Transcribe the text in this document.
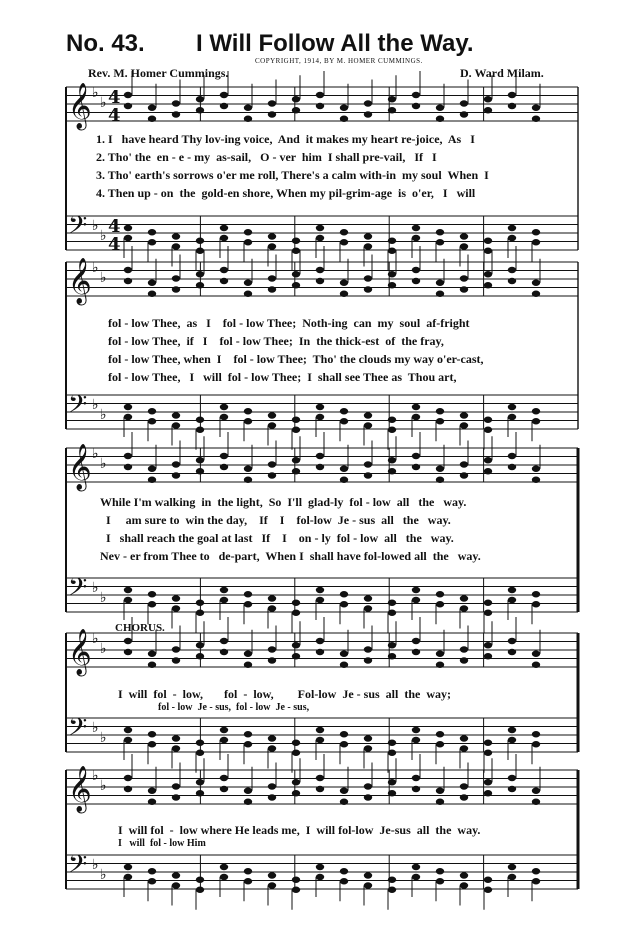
No. 43. I Will Follow All the Way.
COPYRIGHT, 1914, BY M. HOMER CUMMINGS.
Rev. M. Homer Cummings.	D. Ward Milam.
𝄞 ♭
♭
𝄢 ♭
♭
𝄞 ♭
♭
𝄢 ♭
♭
𝄞 ♭
♭
𝄢 ♭
♭
𝄞 ♭
♭
𝄢 ♭
♭
𝄞 ♭
♭
𝄢 ♭
♭
4
4
4
4
1. I   have heard Thy lov-ing voice,  And  it makes my heart re-joice,  As   I
2. Tho' the  en - e - my  as-sail,   O - ver  him  I shall pre-vail,   If   I
3. Tho' earth's sorrows o'er me roll, There's a calm with-in  my soul  When  I
4. Then up - on  the  gold-en shore, When my pil-grim-age  is  o'er,   I   will
fol - low Thee,  as   I    fol - low Thee;  Noth-ing  can  my  soul  af-fright
fol - low Thee,  if   I    fol - low Thee;  In  the thick-est  of  the fray,
fol - low Thee, when  I    fol - low Thee;  Tho' the clouds my way o'er-cast,
fol - low Thee,   I   will  fol - low Thee;  I  shall see Thee as  Thou art,
While I'm walking  in  the light,  So  I'll  glad-ly  fol - low  all   the   way.
I     am sure to  win the day,    If    I    fol-low  Je - sus  all   the   way.
I   shall reach the goal at last   If    I    on - ly  fol - low  all   the   way.
Nev - er from Thee to   de-part,  When I  shall have fol-lowed all  the   way.
CHORUS.
I  will  fol  -  low,       fol  -  low,        Fol-low  Je - sus  all  the  way;
fol - low  Je - sus,  fol - low  Je - sus,
I  will fol  -  low where He leads me,  I  will fol-low  Je-sus  all  the  way.
I   will  fol - low Him
